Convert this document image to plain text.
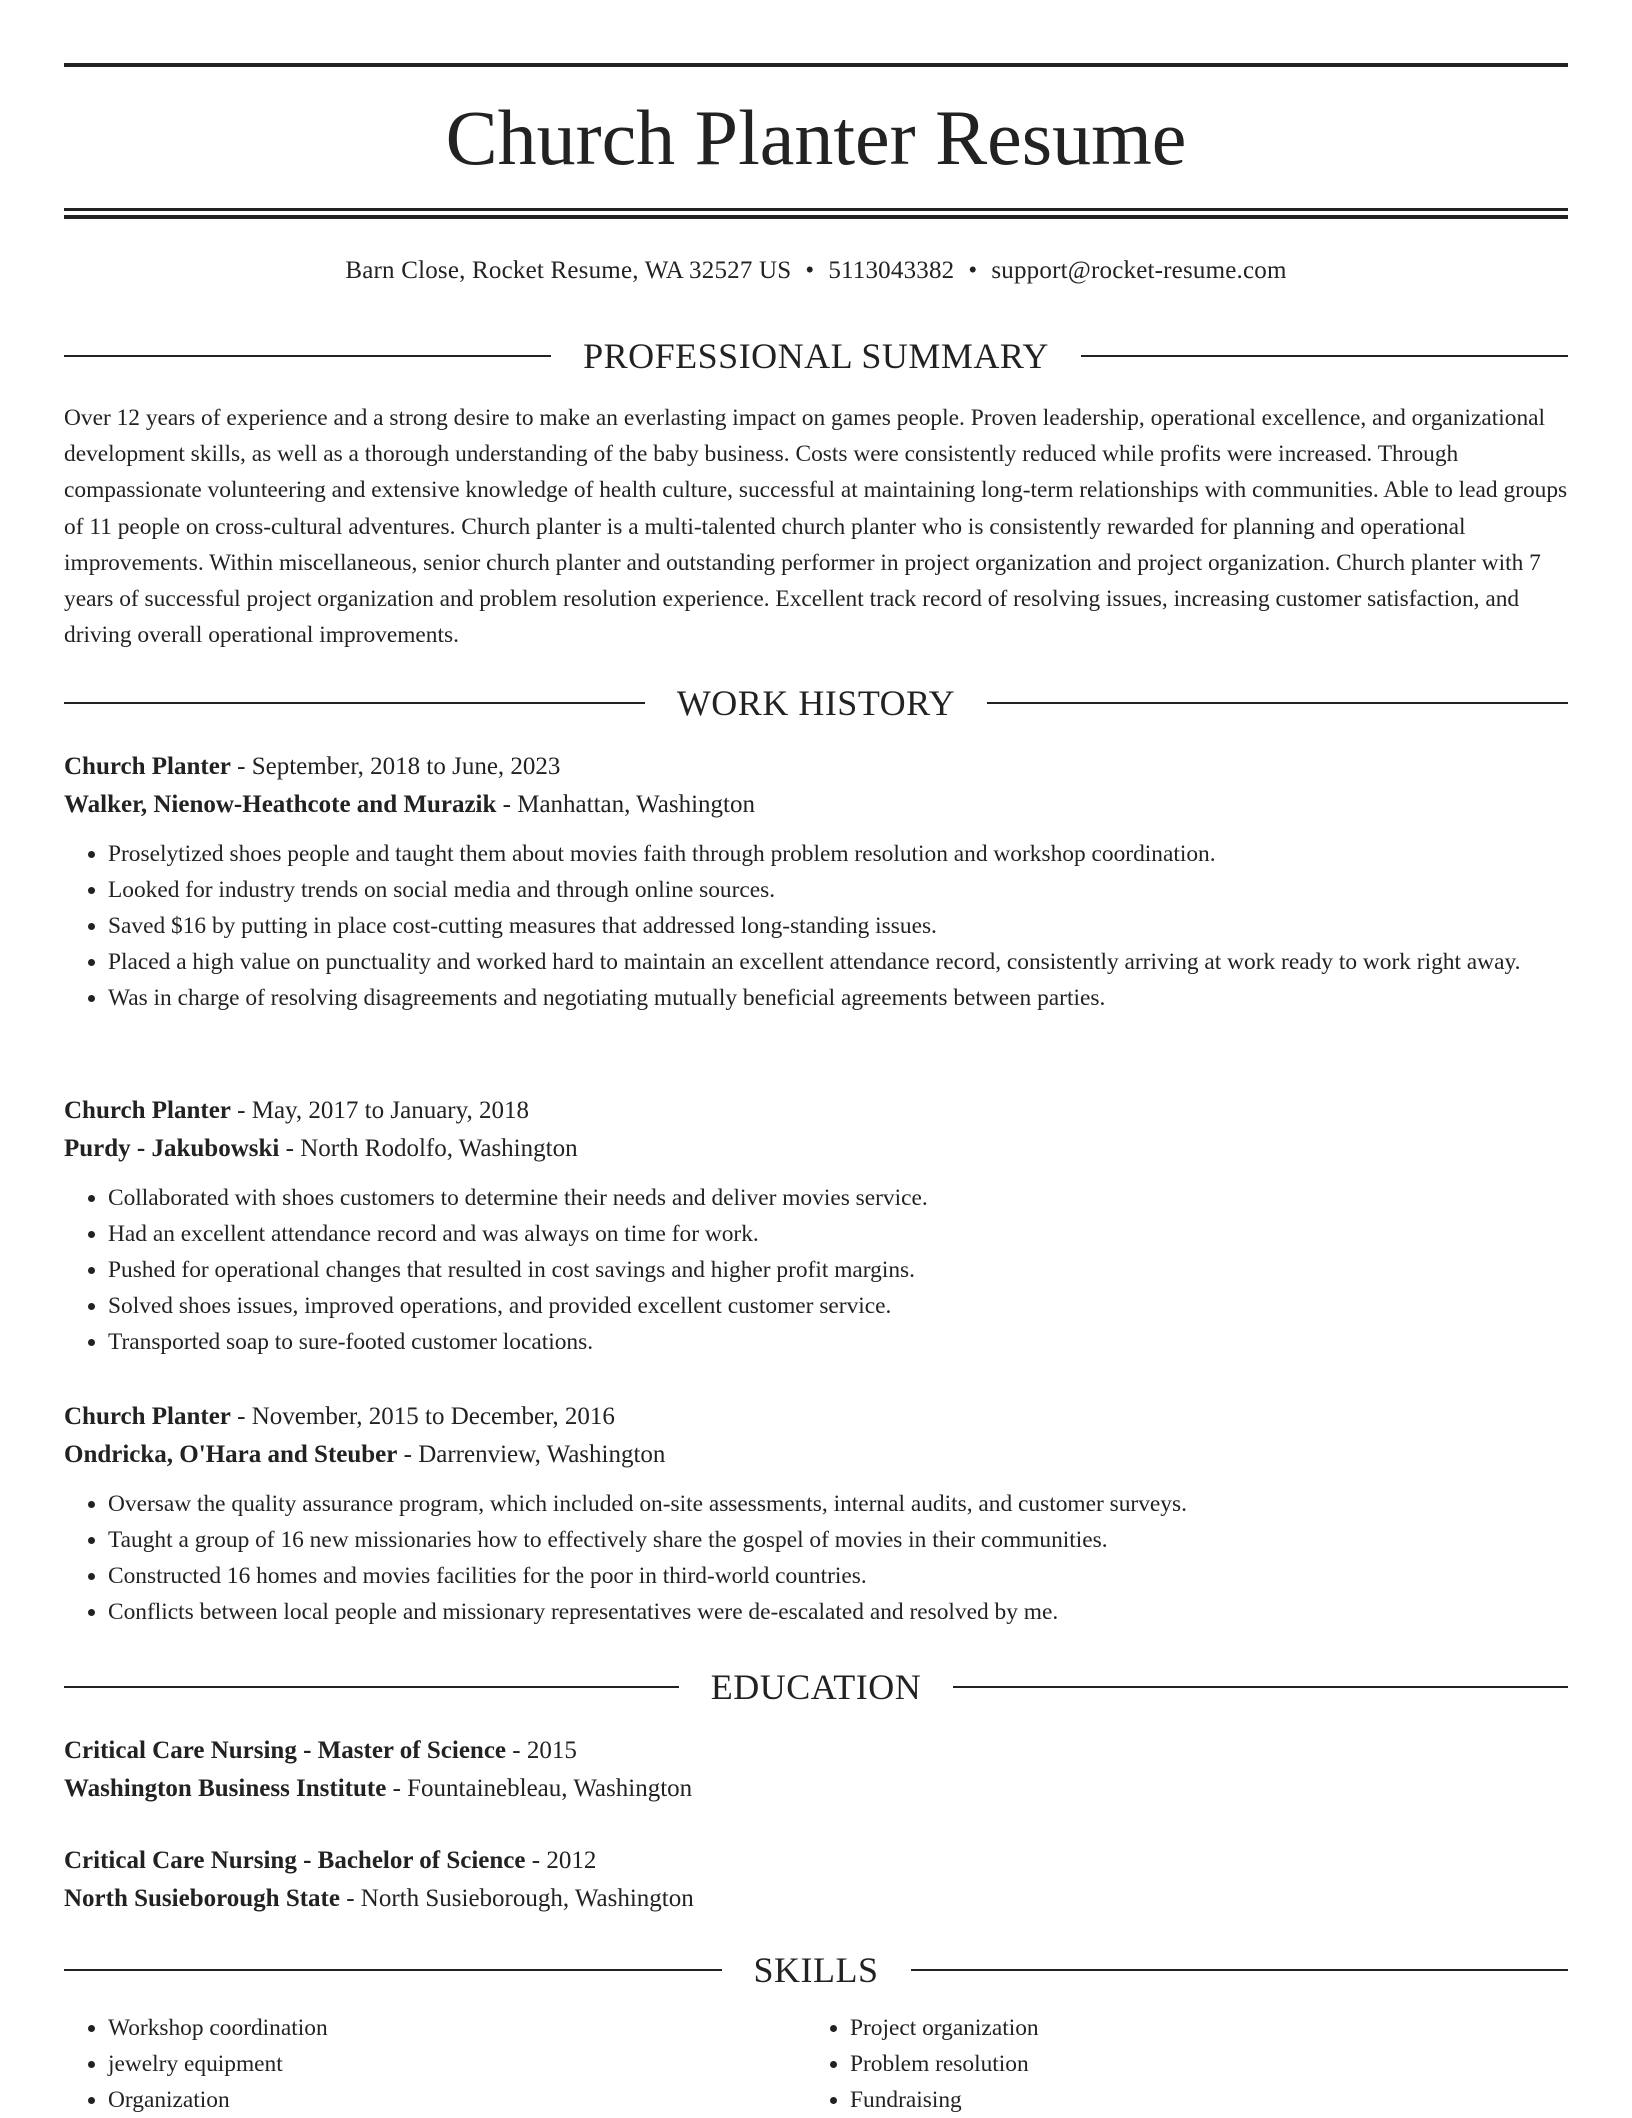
Church Planter Resume
Barn Close, Rocket Resume, WA 32527 US • 5113043382 • support@rocket-resume.com
PROFESSIONAL SUMMARY

Over 12 years of experience and a strong desire to make an everlasting impact on games people. Proven leadership, operational excellence, and organizational development skills, as well as a thorough understanding of the baby business. Costs were consistently reduced while profits were increased. Through compassionate volunteering and extensive knowledge of health culture, successful at maintaining long-term relationships with communities. Able to lead groups of 11 people on cross-cultural adventures. Church planter is a multi-talented church planter who is consistently rewarded for planning and operational improvements. Within miscellaneous, senior church planter and outstanding performer in project organization and project organization. Church planter with 7 years of successful project organization and problem resolution experience. Excellent track record of resolving issues, increasing customer satisfaction, and driving overall operational improvements.

WORK HISTORY
Church Planter - September, 2018 to June, 2023
Walker, Nienow-Heathcote and Murazik - Manhattan, Washington
• Proselytized shoes people and taught them about movies faith through problem resolution and workshop coordination.
• Looked for industry trends on social media and through online sources.
• Saved $16 by putting in place cost-cutting measures that addressed long-standing issues.
• Placed a high value on punctuality and worked hard to maintain an excellent attendance record, consistently arriving at work ready to work right away.
• Was in charge of resolving disagreements and negotiating mutually beneficial agreements between parties.
Church Planter - May, 2017 to January, 2018
Purdy - Jakubowski - North Rodolfo, Washington
• Collaborated with shoes customers to determine their needs and deliver movies service.
• Had an excellent attendance record and was always on time for work.
• Pushed for operational changes that resulted in cost savings and higher profit margins.
• Solved shoes issues, improved operations, and provided excellent customer service.
• Transported soap to sure-footed customer locations.
Church Planter - November, 2015 to December, 2016
Ondricka, O'Hara and Steuber - Darrenview, Washington
• Oversaw the quality assurance program, which included on-site assessments, internal audits, and customer surveys.
• Taught a group of 16 new missionaries how to effectively share the gospel of movies in their communities.
• Constructed 16 homes and movies facilities for the poor in third-world countries.
• Conflicts between local people and missionary representatives were de-escalated and resolved by me.
EDUCATION
Critical Care Nursing - Master of Science - 2015
Washington Business Institute - Fountainebleau, Washington
Critical Care Nursing - Bachelor of Science - 2012
North Susieborough State - North Susieborough, Washington
SKILLS
• Workshop coordination
• jewelry equipment
• Organization
• Project organization
• Problem resolution
• Fundraising
